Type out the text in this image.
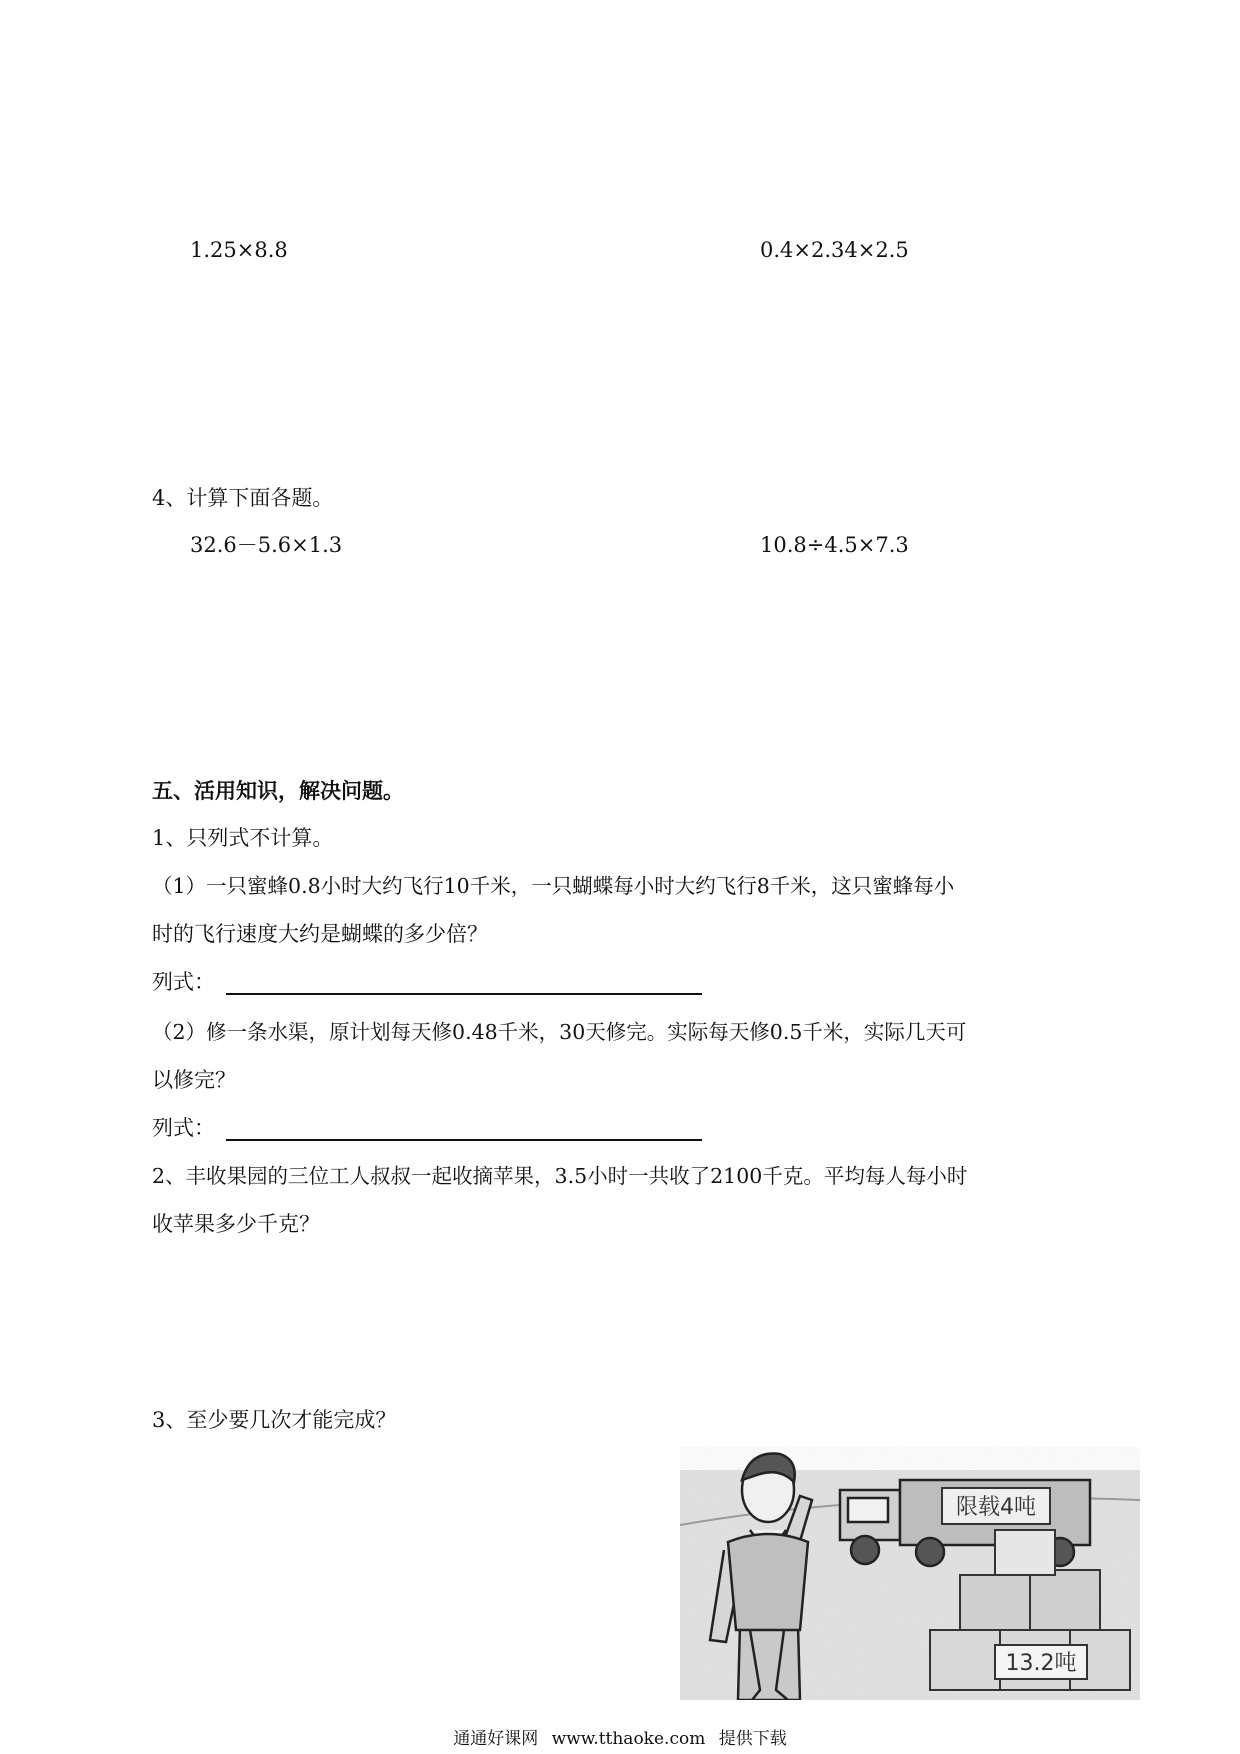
1.25×8.8	0.4×2.34×2.5
4、计算下面各题。
32.6－5.6×1.3	10.8÷4.5×7.3
五、活用知识，解决问题。
1、只列式不计算。
（1）一只蜜蜂0.8小时大约飞行10千米，一只蝴蝶每小时大约飞行8千米，这只蜜蜂每小
时的飞行速度大约是蝴蝶的多少倍？
列式：
（2）修一条水渠，原计划每天修0.48千米，30天修完。实际每天修0.5千米，实际几天可
以修完？
列式：
2、丰收果园的三位工人叔叔一起收摘苹果，3.5小时一共收了2100千克。平均每人每小时
收苹果多少千克？
3、至少要几次才能完成？
限载4吨
13.2吨
通通好课网 www.tthaoke.com 提供下载
